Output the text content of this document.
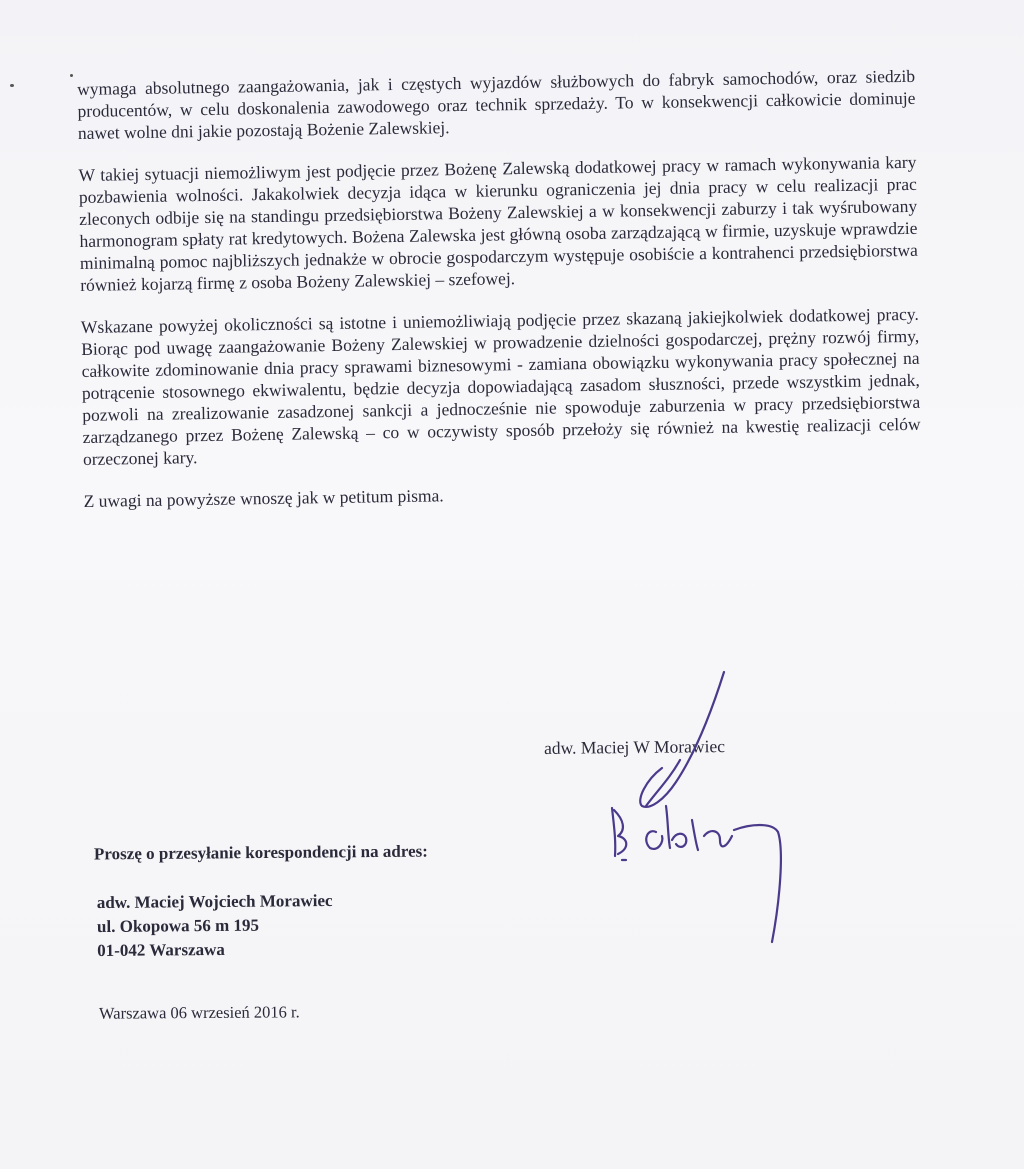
wymaga absolutnego zaangażowania, jak i częstych wyjazdów służbowych do fabryk samochodów, oraz siedzib producentów, w celu doskonalenia zawodowego oraz technik sprzedaży. To w konsekwencji całkowicie dominuje nawet wolne dni jakie pozostają Bożenie Zalewskiej.

W takiej sytuacji niemożliwym jest podjęcie przez Bożenę Zalewską dodatkowej pracy w ramach wykonywania kary pozbawienia wolności. Jakakolwiek decyzja idąca w kierunku ograniczenia jej dnia pracy w celu realizacji prac zleconych odbije się na standingu przedsiębiorstwa Bożeny Zalewskiej a w konsekwencji zaburzy i tak wyśrubowany harmonogram spłaty rat kredytowych. Bożena Zalewska jest główną osoba zarządzającą w firmie, uzyskuje wprawdzie minimalną pomoc najbliższych jednakże w obrocie gospodarczym występuje osobiście a kontrahenci przedsiębiorstwa również kojarzą firmę z osoba Bożeny Zalewskiej – szefowej.

Wskazane powyżej okoliczności są istotne i uniemożliwiają podjęcie przez skazaną jakiejkolwiek dodatkowej pracy. Biorąc pod uwagę zaangażowanie Bożeny Zalewskiej w prowadzenie dzielności gospodarczej, prężny rozwój firmy, całkowite zdominowanie dnia pracy sprawami biznesowymi - zamiana obowiązku wykonywania pracy społecznej na potrącenie stosownego ekwiwalentu, będzie decyzja dopowiadającą zasadom słuszności, przede wszystkim jednak, pozwoli na zrealizowanie zasadzonej sankcji a jednocześnie nie spowoduje zaburzenia w pracy przedsiębiorstwa zarządzanego przez Bożenę Zalewską – co w oczywisty sposób przełoży się również na kwestię realizacji celów orzeczonej kary.

Z uwagi na powyższe wnoszę jak w petitum pisma.

adw. Maciej W Morawiec
Proszę o przesyłanie korespondencji na adres:
adw. Maciej Wojciech Morawiec
ul. Okopowa 56 m 195
01-042 Warszawa
Warszawa 06 wrzesień 2016 r.
